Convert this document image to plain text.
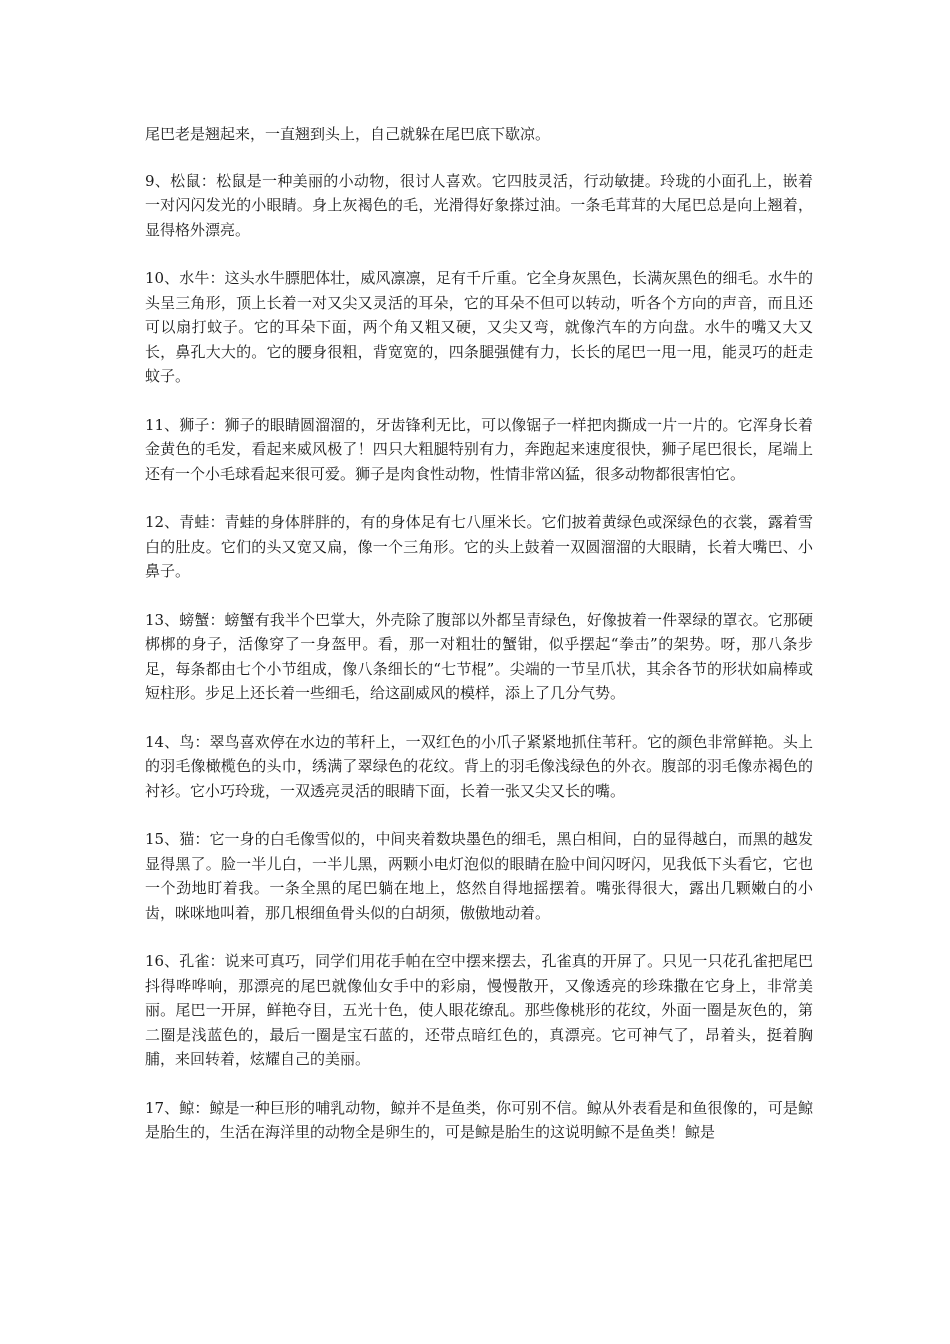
尾巴老是翘起来，一直翘到头上，自己就躲在尾巴底下歇凉。

9、松鼠：松鼠是一种美丽的小动物，很讨人喜欢。它四肢灵活，行动敏捷。玲珑的小面孔上，嵌着一对闪闪发光的小眼睛。身上灰褐色的毛，光滑得好象搽过油。一条毛茸茸的大尾巴总是向上翘着，显得格外漂亮。

10、水牛：这头水牛膘肥体壮，威风凛凛，足有千斤重。它全身灰黑色，长满灰黑色的细毛。水牛的头呈三角形，顶上长着一对又尖又灵活的耳朵，它的耳朵不但可以转动，听各个方向的声音，而且还可以扇打蚊子。它的耳朵下面，两个角又粗又硬，又尖又弯，就像汽车的方向盘。水牛的嘴又大又长，鼻孔大大的。它的腰身很粗，背宽宽的，四条腿强健有力，长长的尾巴一甩一甩，能灵巧的赶走蚊子。

11、狮子：狮子的眼睛圆溜溜的，牙齿锋利无比，可以像锯子一样把肉撕成一片一片的。它浑身长着金黄色的毛发，看起来威风极了！四只大粗腿特别有力，奔跑起来速度很快，狮子尾巴很长，尾端上还有一个小毛球看起来很可爱。狮子是肉食性动物，性情非常凶猛，很多动物都很害怕它。

12、青蛙：青蛙的身体胖胖的，有的身体足有七八厘米长。它们披着黄绿色或深绿色的衣裳，露着雪白的肚皮。它们的头又宽又扁，像一个三角形。它的头上鼓着一双圆溜溜的大眼睛，长着大嘴巴、小鼻子。

13、螃蟹：螃蟹有我半个巴掌大，外壳除了腹部以外都呈青绿色，好像披着一件翠绿的罩衣。它那硬梆梆的身子，活像穿了一身盔甲。看，那一对粗壮的蟹钳，似乎摆起“拳击”的架势。呀，那八条步足，每条都由七个小节组成，像八条细长的“七节棍”。尖端的一节呈爪状，其余各节的形状如扁棒或短柱形。步足上还长着一些细毛，给这副威风的模样，添上了几分气势。

14、鸟：翠鸟喜欢停在水边的苇秆上，一双红色的小爪子紧紧地抓住苇秆。它的颜色非常鲜艳。头上的羽毛像橄榄色的头巾，绣满了翠绿色的花纹。背上的羽毛像浅绿色的外衣。腹部的羽毛像赤褐色的衬衫。它小巧玲珑，一双透亮灵活的眼睛下面，长着一张又尖又长的嘴。

15、猫：它一身的白毛像雪似的，中间夹着数块墨色的细毛，黑白相间，白的显得越白，而黑的越发显得黑了。脸一半儿白，一半儿黑，两颗小电灯泡似的眼睛在脸中间闪呀闪，见我低下头看它，它也一个劲地盯着我。一条全黑的尾巴躺在地上，悠然自得地摇摆着。嘴张得很大，露出几颗嫩白的小齿，咪咪地叫着，那几根细鱼骨头似的白胡须，傲傲地动着。

16、孔雀：说来可真巧，同学们用花手帕在空中摆来摆去，孔雀真的开屏了。只见一只花孔雀把尾巴抖得哗哗响，那漂亮的尾巴就像仙女手中的彩扇，慢慢散开，又像透亮的珍珠撒在它身上，非常美丽。尾巴一开屏，鲜艳夺目，五光十色，使人眼花缭乱。那些像桃形的花纹，外面一圈是灰色的，第二圈是浅蓝色的，最后一圈是宝石蓝的，还带点暗红色的，真漂亮。它可神气了，昂着头，挺着胸脯，来回转着，炫耀自己的美丽。

17、鲸：鲸是一种巨形的哺乳动物，鲸并不是鱼类，你可别不信。鲸从外表看是和鱼很像的，可是鲸是胎生的，生活在海洋里的动物全是卵生的，可是鲸是胎生的这说明鲸不是鱼类！鲸是
